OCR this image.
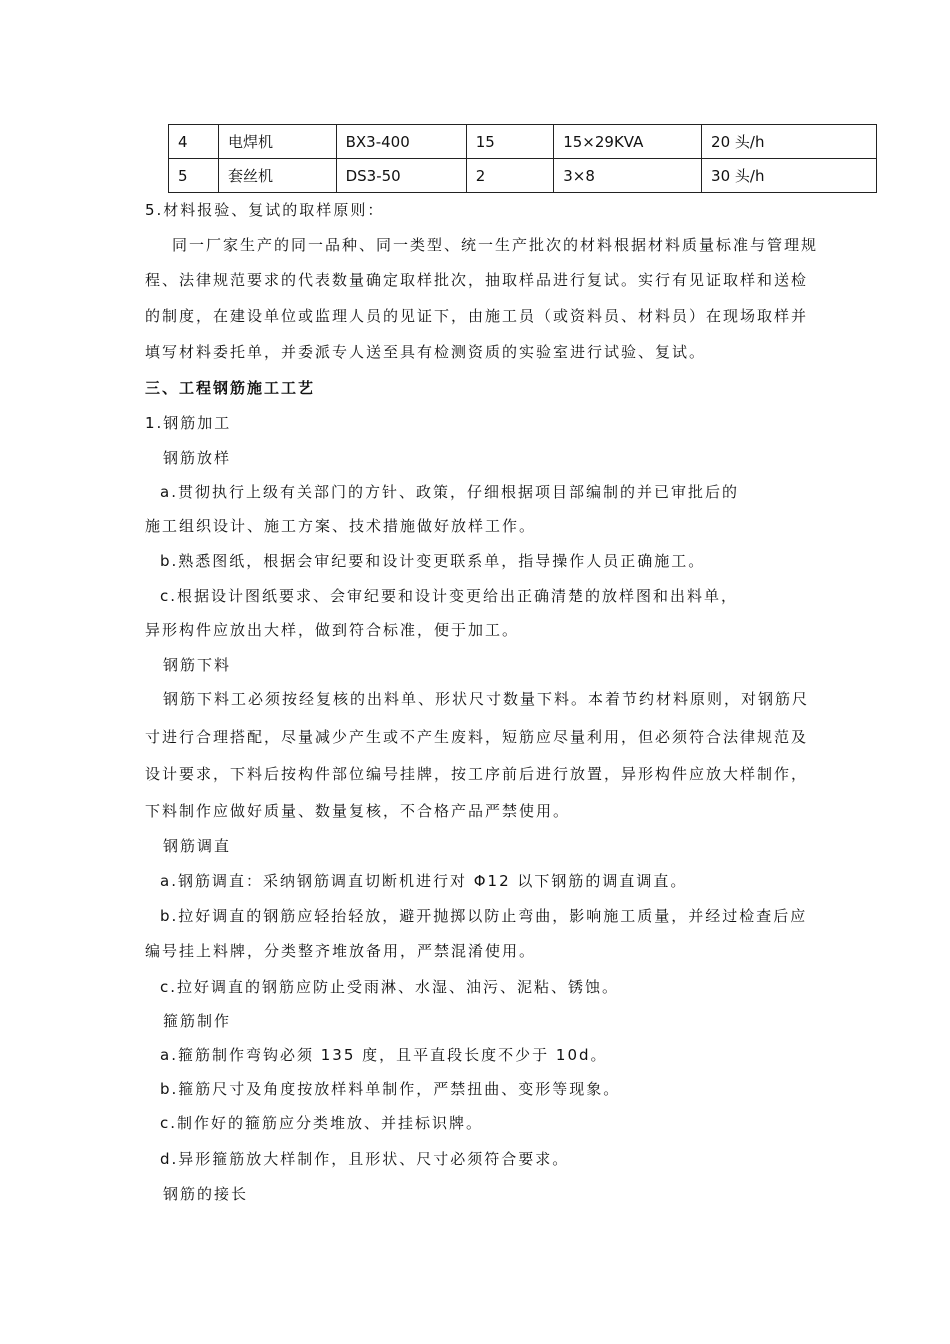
4	电焊机	BX3-400	15	15×29KVA	20 头/h
5	套丝机	DS3-50	2	3×8	30 头/h
5.材料报验、复试的取样原则：
同一厂家生产的同一品种、同一类型、统一生产批次的材料根据材料质量标准与管理规
程、法律规范要求的代表数量确定取样批次，抽取样品进行复试。实行有见证取样和送检
的制度，在建设单位或监理人员的见证下，由施工员（或资料员、材料员）在现场取样并
填写材料委托单，并委派专人送至具有检测资质的实验室进行试验、复试。
三、工程钢筋施工工艺
1.钢筋加工
钢筋放样
a.贯彻执行上级有关部门的方针、政策，仔细根据项目部编制的并已审批后的
施工组织设计、施工方案、技术措施做好放样工作。
b.熟悉图纸，根据会审纪要和设计变更联系单，指导操作人员正确施工。
c.根据设计图纸要求、会审纪要和设计变更给出正确清楚的放样图和出料单，
异形构件应放出大样，做到符合标准，便于加工。
钢筋下料
钢筋下料工必须按经复核的出料单、形状尺寸数量下料。本着节约材料原则，对钢筋尺
寸进行合理搭配，尽量减少产生或不产生废料，短筋应尽量利用，但必须符合法律规范及
设计要求，下料后按构件部位编号挂牌，按工序前后进行放置，异形构件应放大样制作，
下料制作应做好质量、数量复核，不合格产品严禁使用。
钢筋调直
a.钢筋调直：采纳钢筋调直切断机进行对 Φ12 以下钢筋的调直调直。
b.拉好调直的钢筋应轻抬轻放，避开抛掷以防止弯曲，影响施工质量，并经过检查后应
编号挂上料牌，分类整齐堆放备用，严禁混淆使用。
c.拉好调直的钢筋应防止受雨淋、水湿、油污、泥粘、锈蚀。
箍筋制作
a.箍筋制作弯钩必须 135 度，且平直段长度不少于 10d。
b.箍筋尺寸及角度按放样料单制作，严禁扭曲、变形等现象。
c.制作好的箍筋应分类堆放、并挂标识牌。
d.异形箍筋放大样制作，且形状、尺寸必须符合要求。
钢筋的接长
